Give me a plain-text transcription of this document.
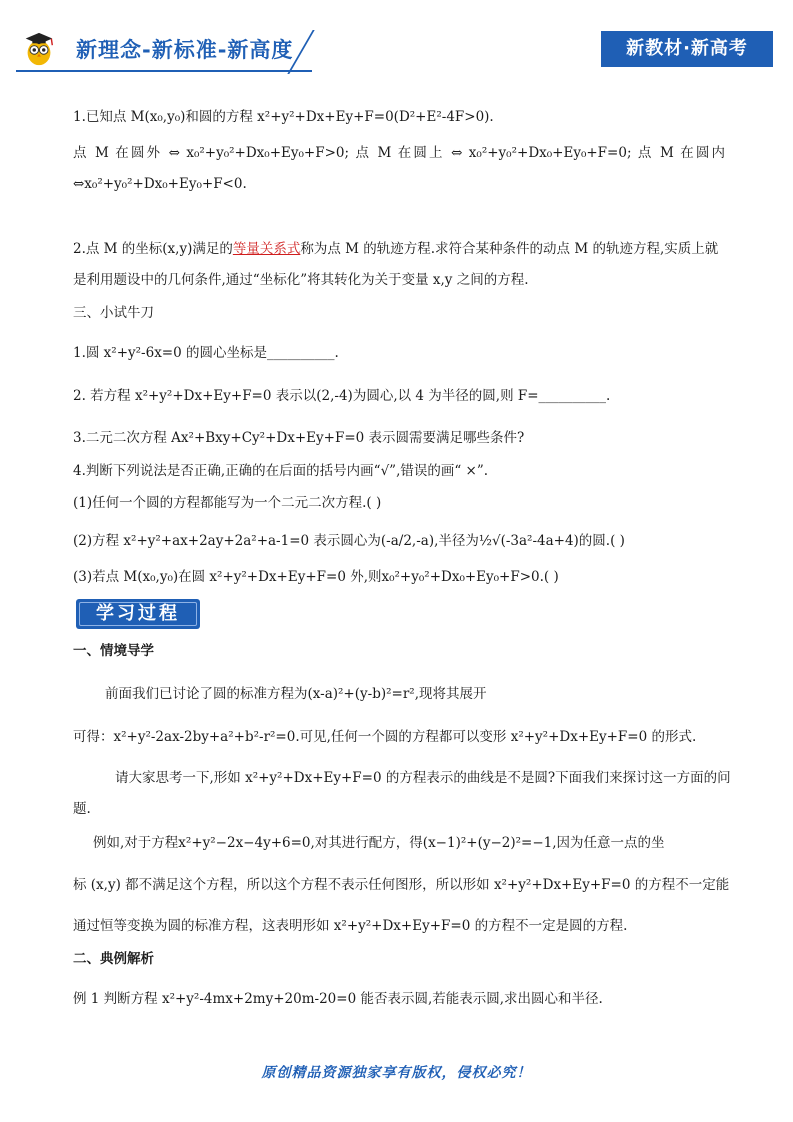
新理念-新标准-新高度	新教材·新高考
1.已知点 M(x₀,y₀)和圆的方程 x²+y²+Dx+Ey+F=0(D²+E²-4F>0).
点 M 在圆外 ⇔ x₀²+y₀²+Dx₀+Ey₀+F>0; 点 M 在圆上 ⇔ x₀²+y₀²+Dx₀+Ey₀+F=0; 点 M 在圆内
⇔x₀²+y₀²+Dx₀+Ey₀+F<0.
2.点 M 的坐标(x,y)满足的等量关系式称为点 M 的轨迹方程.求符合某种条件的动点 M 的轨迹方程,实质上就
是利用题设中的几何条件,通过“坐标化”将其转化为关于变量 x,y 之间的方程.
三、小试牛刀
1.圆 x²+y²-6x=0 的圆心坐标是__________.
2. 若方程 x²+y²+Dx+Ey+F=0 表示以(2,-4)为圆心,以 4 为半径的圆,则 F=__________.
3.二元二次方程 Ax²+Bxy+Cy²+Dx+Ey+F=0 表示圆需要满足哪些条件?
4.判断下列说法是否正确,正确的在后面的括号内画“√”,错误的画“ ×”.
(1)任何一个圆的方程都能写为一个二元二次方程.( )
(2)方程 x²+y²+ax+2ay+2a²+a-1=0 表示圆心为(-a/2,-a),半径为½√(-3a²-4a+4)的圆.( )
(3)若点 M(x₀,y₀)在圆 x²+y²+Dx+Ey+F=0 外,则x₀²+y₀²+Dx₀+Ey₀+F>0.( )
学习过程
一、情境导学
前面我们已讨论了圆的标准方程为(x-a)²+(y-b)²=r²,现将其展开
可得：x²+y²-2ax-2by+a²+b²-r²=0.可见,任何一个圆的方程都可以变形 x²+y²+Dx+Ey+F=0 的形式.
请大家思考一下,形如 x²+y²+Dx+Ey+F=0 的方程表示的曲线是不是圆?下面我们来探讨这一方面的问
题.
例如,对于方程x²+y²−2x−4y+6=0,对其进行配方，得(x−1)²+(y−2)²=−1,因为任意一点的坐
标 (x,y) 都不满足这个方程，所以这个方程不表示任何图形，所以形如 x²+y²+Dx+Ey+F=0 的方程不一定能
通过恒等变换为圆的标准方程，这表明形如 x²+y²+Dx+Ey+F=0 的方程不一定是圆的方程.
二、典例解析
例 1 判断方程 x²+y²-4mx+2my+20m-20=0 能否表示圆,若能表示圆,求出圆心和半径.
原创精品资源独家享有版权，侵权必究！
